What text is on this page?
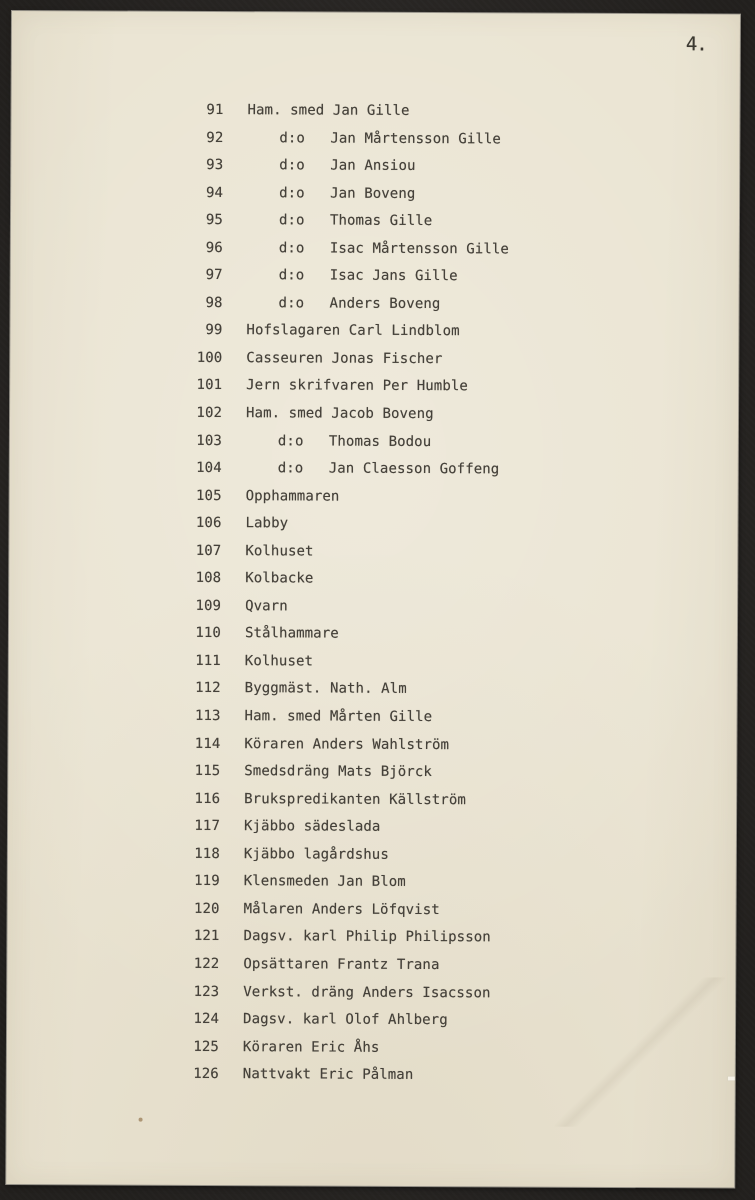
4.
91 Ham. smed Jan Gille
92	d:o Jan Mårtensson Gille
93	d:o Jan Ansiou
94	d:o Jan Boveng
95	d:o Thomas Gille
96	d:o Isac Mårtensson Gille
97	d:o Isac Jans Gille
98	d:o Anders Boveng
99 Hofslagaren Carl Lindblom
100 Casseuren Jonas Fischer
101 Jern skrifvaren Per Humble
102 Ham. smed Jacob Boveng
103	d:o Thomas Bodou
104	d:o Jan Claesson Goffeng
105 Opphammaren
106 Labby
107 Kolhuset
108 Kolbacke
109 Qvarn
110 Stålhammare
111 Kolhuset
112 Byggmäst. Nath. Alm
113 Ham. smed Mårten Gille
114 Köraren Anders Wahlström
115 Smedsdräng Mats Björck
116 Brukspredikanten Källström
117 Kjäbbo sädeslada
118 Kjäbbo lagårdshus
119 Klensmeden Jan Blom
120 Målaren Anders Löfqvist
121 Dagsv. karl Philip Philipsson
122 Opsättaren Frantz Trana
123 Verkst. dräng Anders Isacsson
124 Dagsv. karl Olof Ahlberg
125 Köraren Eric Åhs
126 Nattvakt Eric Pålman
